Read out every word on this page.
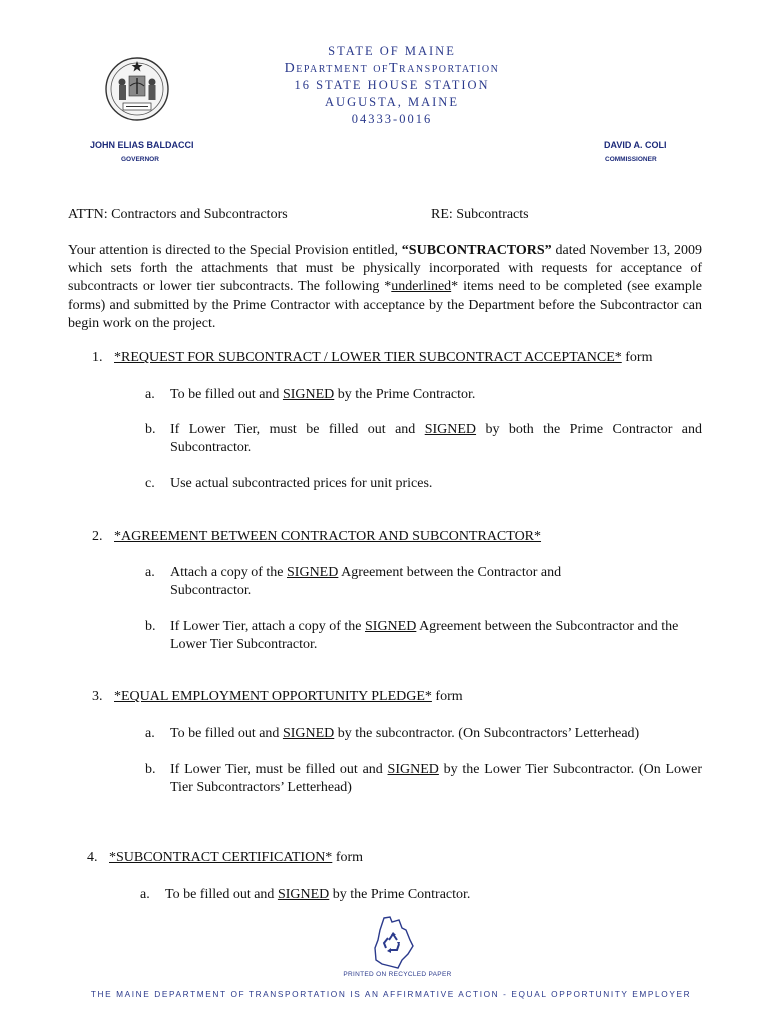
STATE OF MAINE
Department ofTransportation
16 STATE HOUSE STATION
AUGUSTA, MAINE
04333-0016
JOHN ELIAS BALDACCI
GOVERNOR
DAVID A. COLI
COMMISSIONER
ATTN: Contractors and Subcontractors	RE: Subcontracts

Your attention is directed to the Special Provision entitled, “SUBCONTRACTORS” dated November 13, 2009 which sets forth the attachments that must be physically incorporated with requests for acceptance of subcontracts or lower tier subcontracts. The following *underlined* items need to be completed (see example forms) and submitted by the Prime Contractor with acceptance by the Department before the Subcontractor can begin work on the project.

1. *REQUEST FOR SUBCONTRACT / LOWER TIER SUBCONTRACT ACCEPTANCE* form
a. To be filled out and SIGNED by the Prime Contractor.
b. If Lower Tier, must be filled out and SIGNED by both the Prime Contractor and Subcontractor.
c. Use actual subcontracted prices for unit prices.
2. *AGREEMENT BETWEEN CONTRACTOR AND SUBCONTRACTOR*
a. Attach a copy of the SIGNED Agreement between the Contractor and Subcontractor.
b. If Lower Tier, attach a copy of the SIGNED Agreement between the Subcontractor and the Lower Tier Subcontractor.
3. *EQUAL EMPLOYMENT OPPORTUNITY PLEDGE* form
a. To be filled out and SIGNED by the subcontractor. (On Subcontractors’ Letterhead)
b. If Lower Tier, must be filled out and SIGNED by the Lower Tier Subcontractor. (On Lower Tier Subcontractors’ Letterhead)
4. *SUBCONTRACT CERTIFICATION* form
a. To be filled out and SIGNED by the Prime Contractor.
PRINTED ON RECYCLED PAPER
THE MAINE DEPARTMENT OF TRANSPORTATION IS AN AFFIRMATIVE ACTION - EQUAL OPPORTUNITY EMPLOYER
